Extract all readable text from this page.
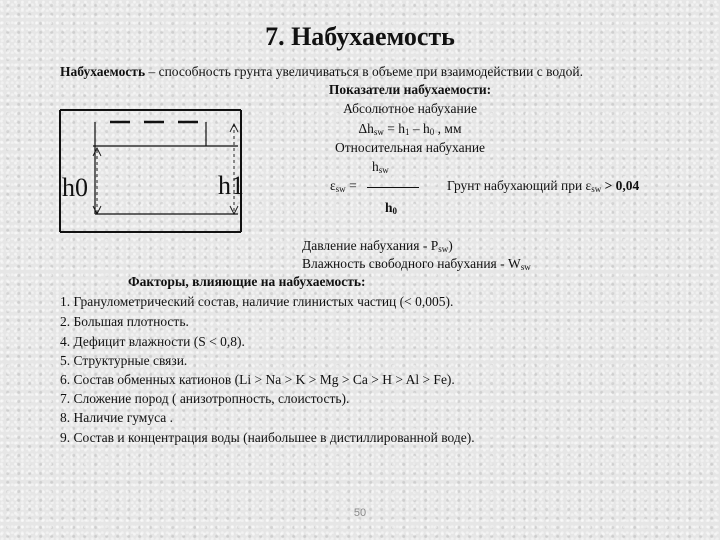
7. Набухаемость
Набухаемость – способность грунта увеличиваться в объеме при взаимодействии с водой.
Показатели набухаемости:
Абсолютное набухание
$\Delta h_{sw} = h_1 - h_0$ , мм
Относительная набухание
$h_{sw}$
$\varepsilon_{sw}$ =
$h_0$
Грунт набухающий при $\varepsilon_{sw} > 0,04$
h0	h1
Давление набухания - $P_{sw}$)
Влажность свободного набухания - $W_{sw}$
Факторы, влияющие на набухаемость:
1. Гранулометрический состав, наличие глинистых частиц (< 0,005).
2. Большая плотность.
4. Дефицит влажности (S < 0,8).
5. Структурные связи.
6. Состав обменных катионов (Li > Na > K > Mg > Ca > H > Al > Fe).
7. Сложение пород ( анизотропность, слоистость).
8. Наличие гумуса .
9. Состав и концентрация воды (наибольшее в дистиллированной воде).
50
